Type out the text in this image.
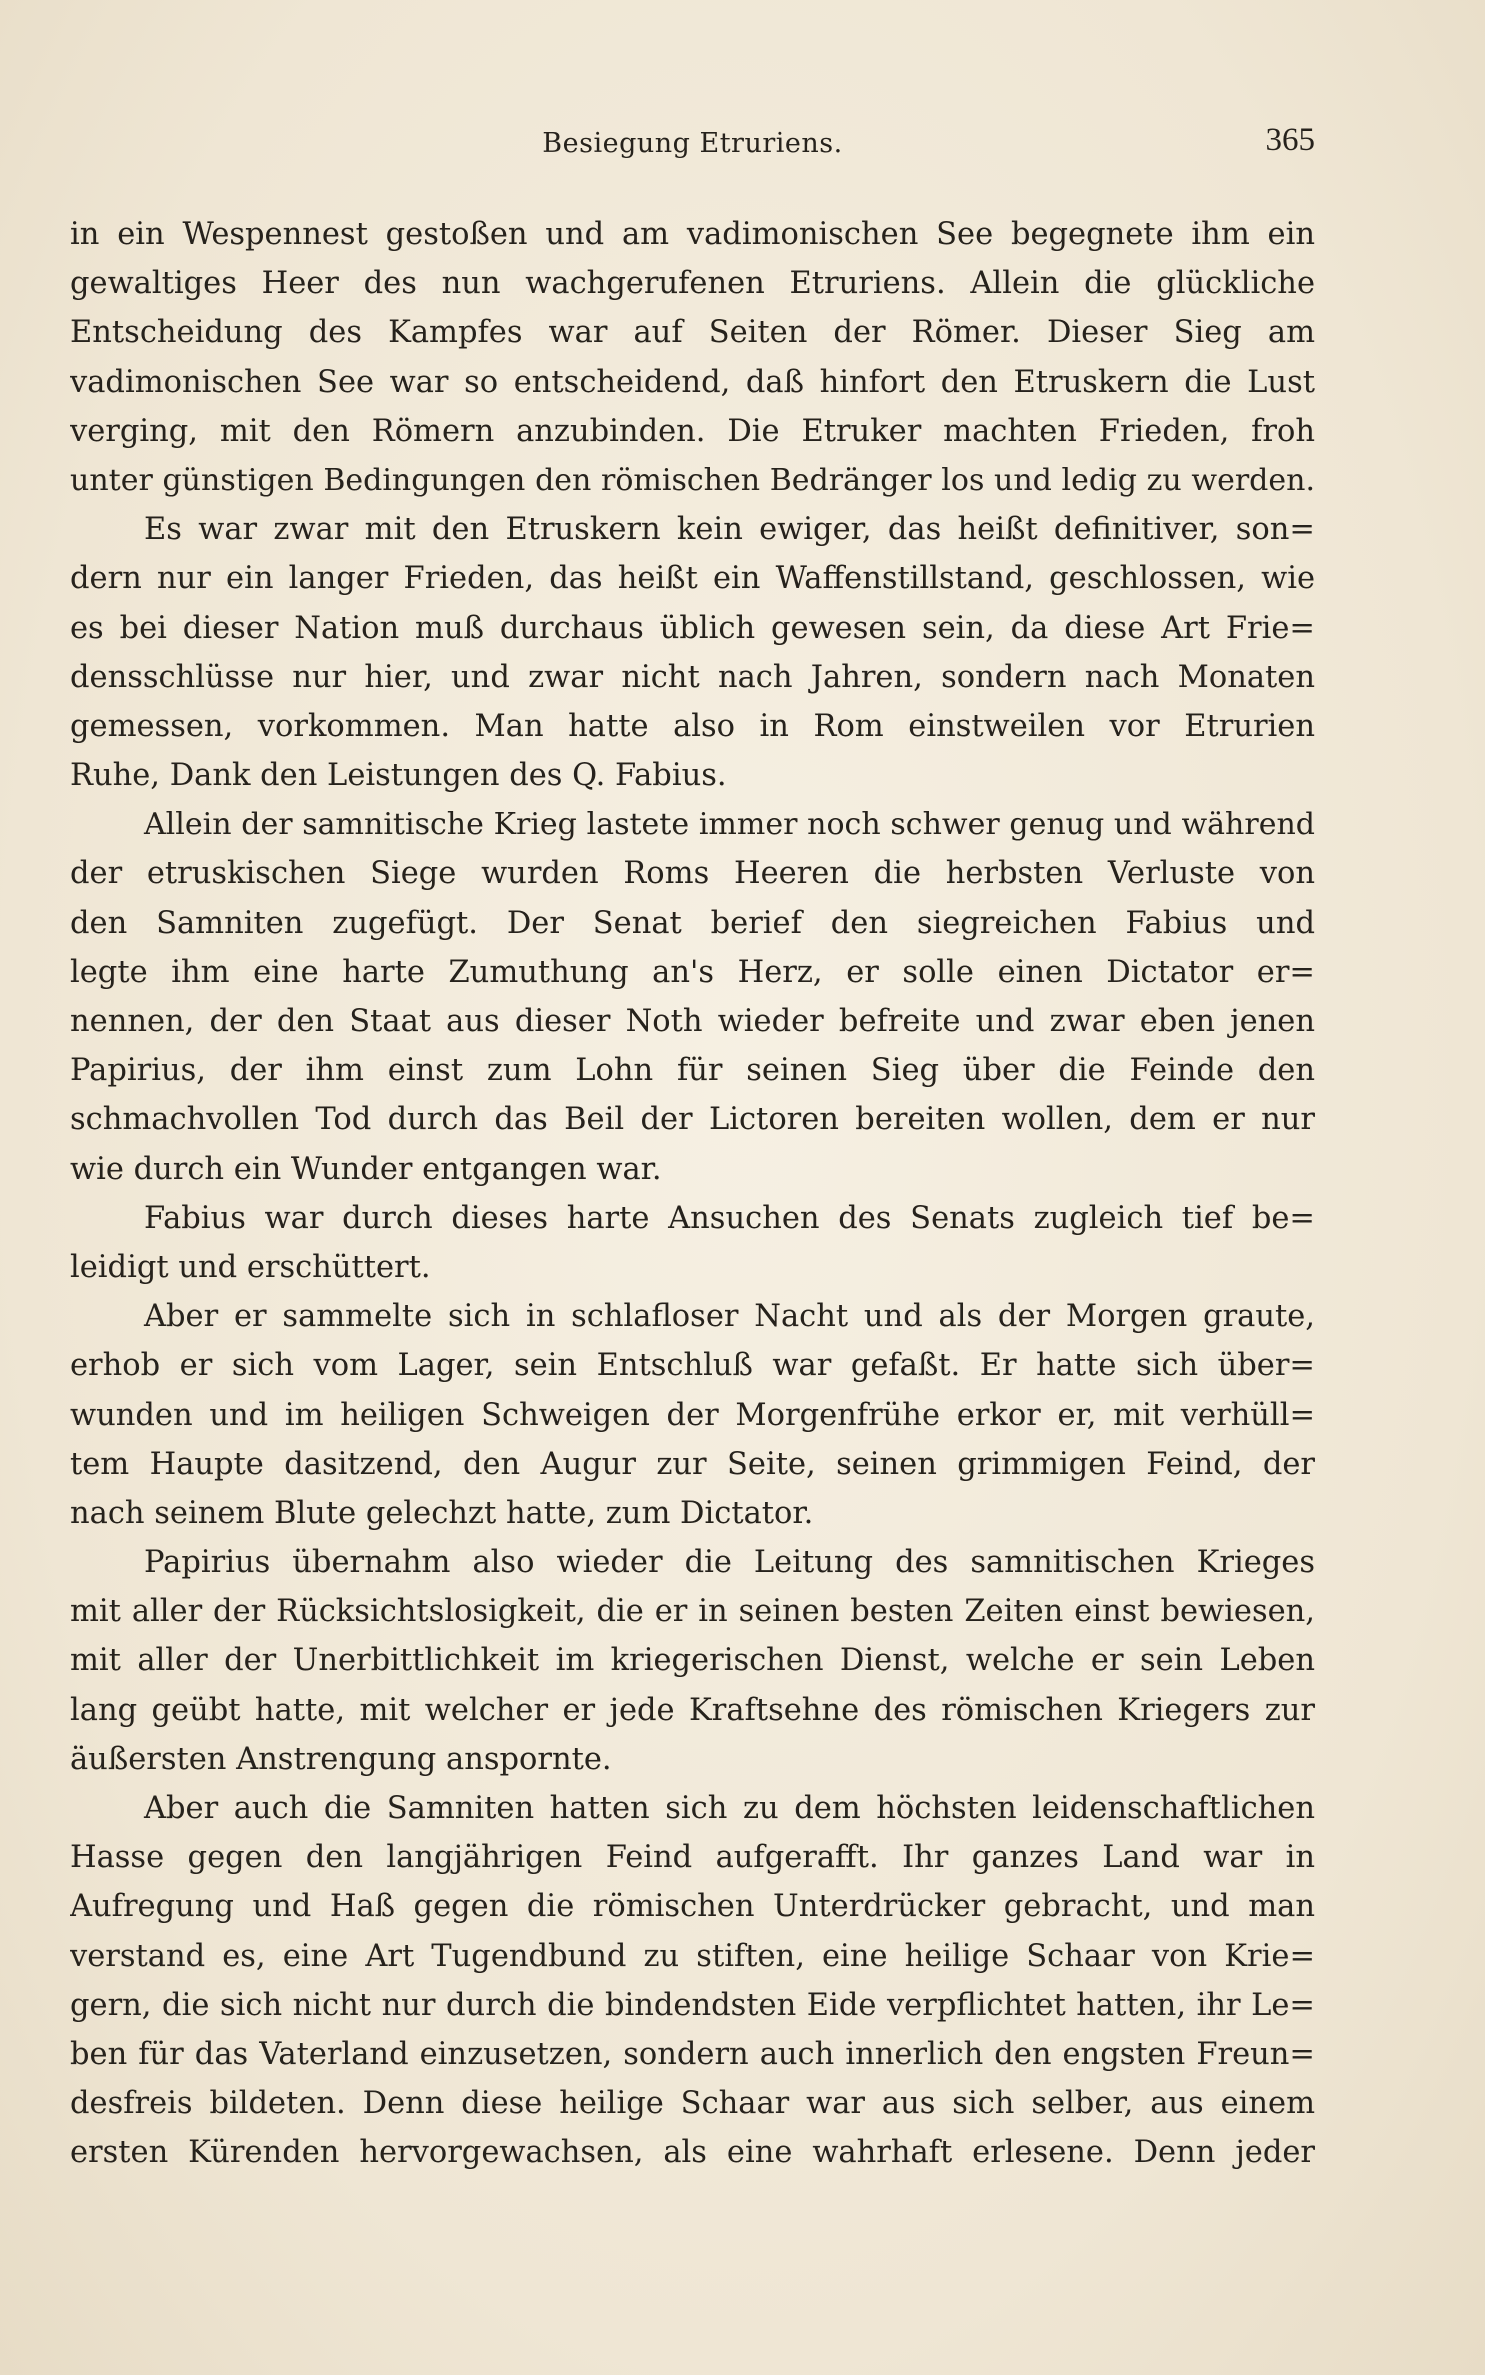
Besiegung Etruriens.	365
in ein Wespennest gestoßen und am vadimonischen See begegnete ihm ein
gewaltiges Heer des nun wachgerufenen Etruriens. Allein die glückliche
Entscheidung des Kampfes war auf Seiten der Römer. Dieser Sieg am
vadimonischen See war so entscheidend, daß hinfort den Etruskern die Lust
verging, mit den Römern anzubinden. Die Etruker machten Frieden, froh
unter günstigen Bedingungen den römischen Bedränger los und ledig zu werden.
Es war zwar mit den Etruskern kein ewiger, das heißt definitiver, son=
dern nur ein langer Frieden, das heißt ein Waffenstillstand, geschlossen, wie
es bei dieser Nation muß durchaus üblich gewesen sein, da diese Art Frie=
densschlüsse nur hier, und zwar nicht nach Jahren, sondern nach Monaten
gemessen, vorkommen. Man hatte also in Rom einstweilen vor Etrurien
Ruhe, Dank den Leistungen des Q. Fabius.
Allein der samnitische Krieg lastete immer noch schwer genug und während
der etruskischen Siege wurden Roms Heeren die herbsten Verluste von
den Samniten zugefügt. Der Senat berief den siegreichen Fabius und
legte ihm eine harte Zumuthung an's Herz, er solle einen Dictator er=
nennen, der den Staat aus dieser Noth wieder befreite und zwar eben jenen
Papirius, der ihm einst zum Lohn für seinen Sieg über die Feinde den
schmachvollen Tod durch das Beil der Lictoren bereiten wollen, dem er nur
wie durch ein Wunder entgangen war.
Fabius war durch dieses harte Ansuchen des Senats zugleich tief be=
leidigt und erschüttert.
Aber er sammelte sich in schlafloser Nacht und als der Morgen graute,
erhob er sich vom Lager, sein Entschluß war gefaßt. Er hatte sich über=
wunden und im heiligen Schweigen der Morgenfrühe erkor er, mit verhüll=
tem Haupte dasitzend, den Augur zur Seite, seinen grimmigen Feind, der
nach seinem Blute gelechzt hatte, zum Dictator.
Papirius übernahm also wieder die Leitung des samnitischen Krieges
mit aller der Rücksichtslosigkeit, die er in seinen besten Zeiten einst bewiesen,
mit aller der Unerbittlichkeit im kriegerischen Dienst, welche er sein Leben
lang geübt hatte, mit welcher er jede Kraftsehne des römischen Kriegers zur
äußersten Anstrengung anspornte.
Aber auch die Samniten hatten sich zu dem höchsten leidenschaftlichen
Hasse gegen den langjährigen Feind aufgerafft. Ihr ganzes Land war in
Aufregung und Haß gegen die römischen Unterdrücker gebracht, und man
verstand es, eine Art Tugendbund zu stiften, eine heilige Schaar von Krie=
gern, die sich nicht nur durch die bindendsten Eide verpflichtet hatten, ihr Le=
ben für das Vaterland einzusetzen, sondern auch innerlich den engsten Freun=
desfreis bildeten. Denn diese heilige Schaar war aus sich selber, aus einem
ersten Kürenden hervorgewachsen, als eine wahrhaft erlesene. Denn jeder
